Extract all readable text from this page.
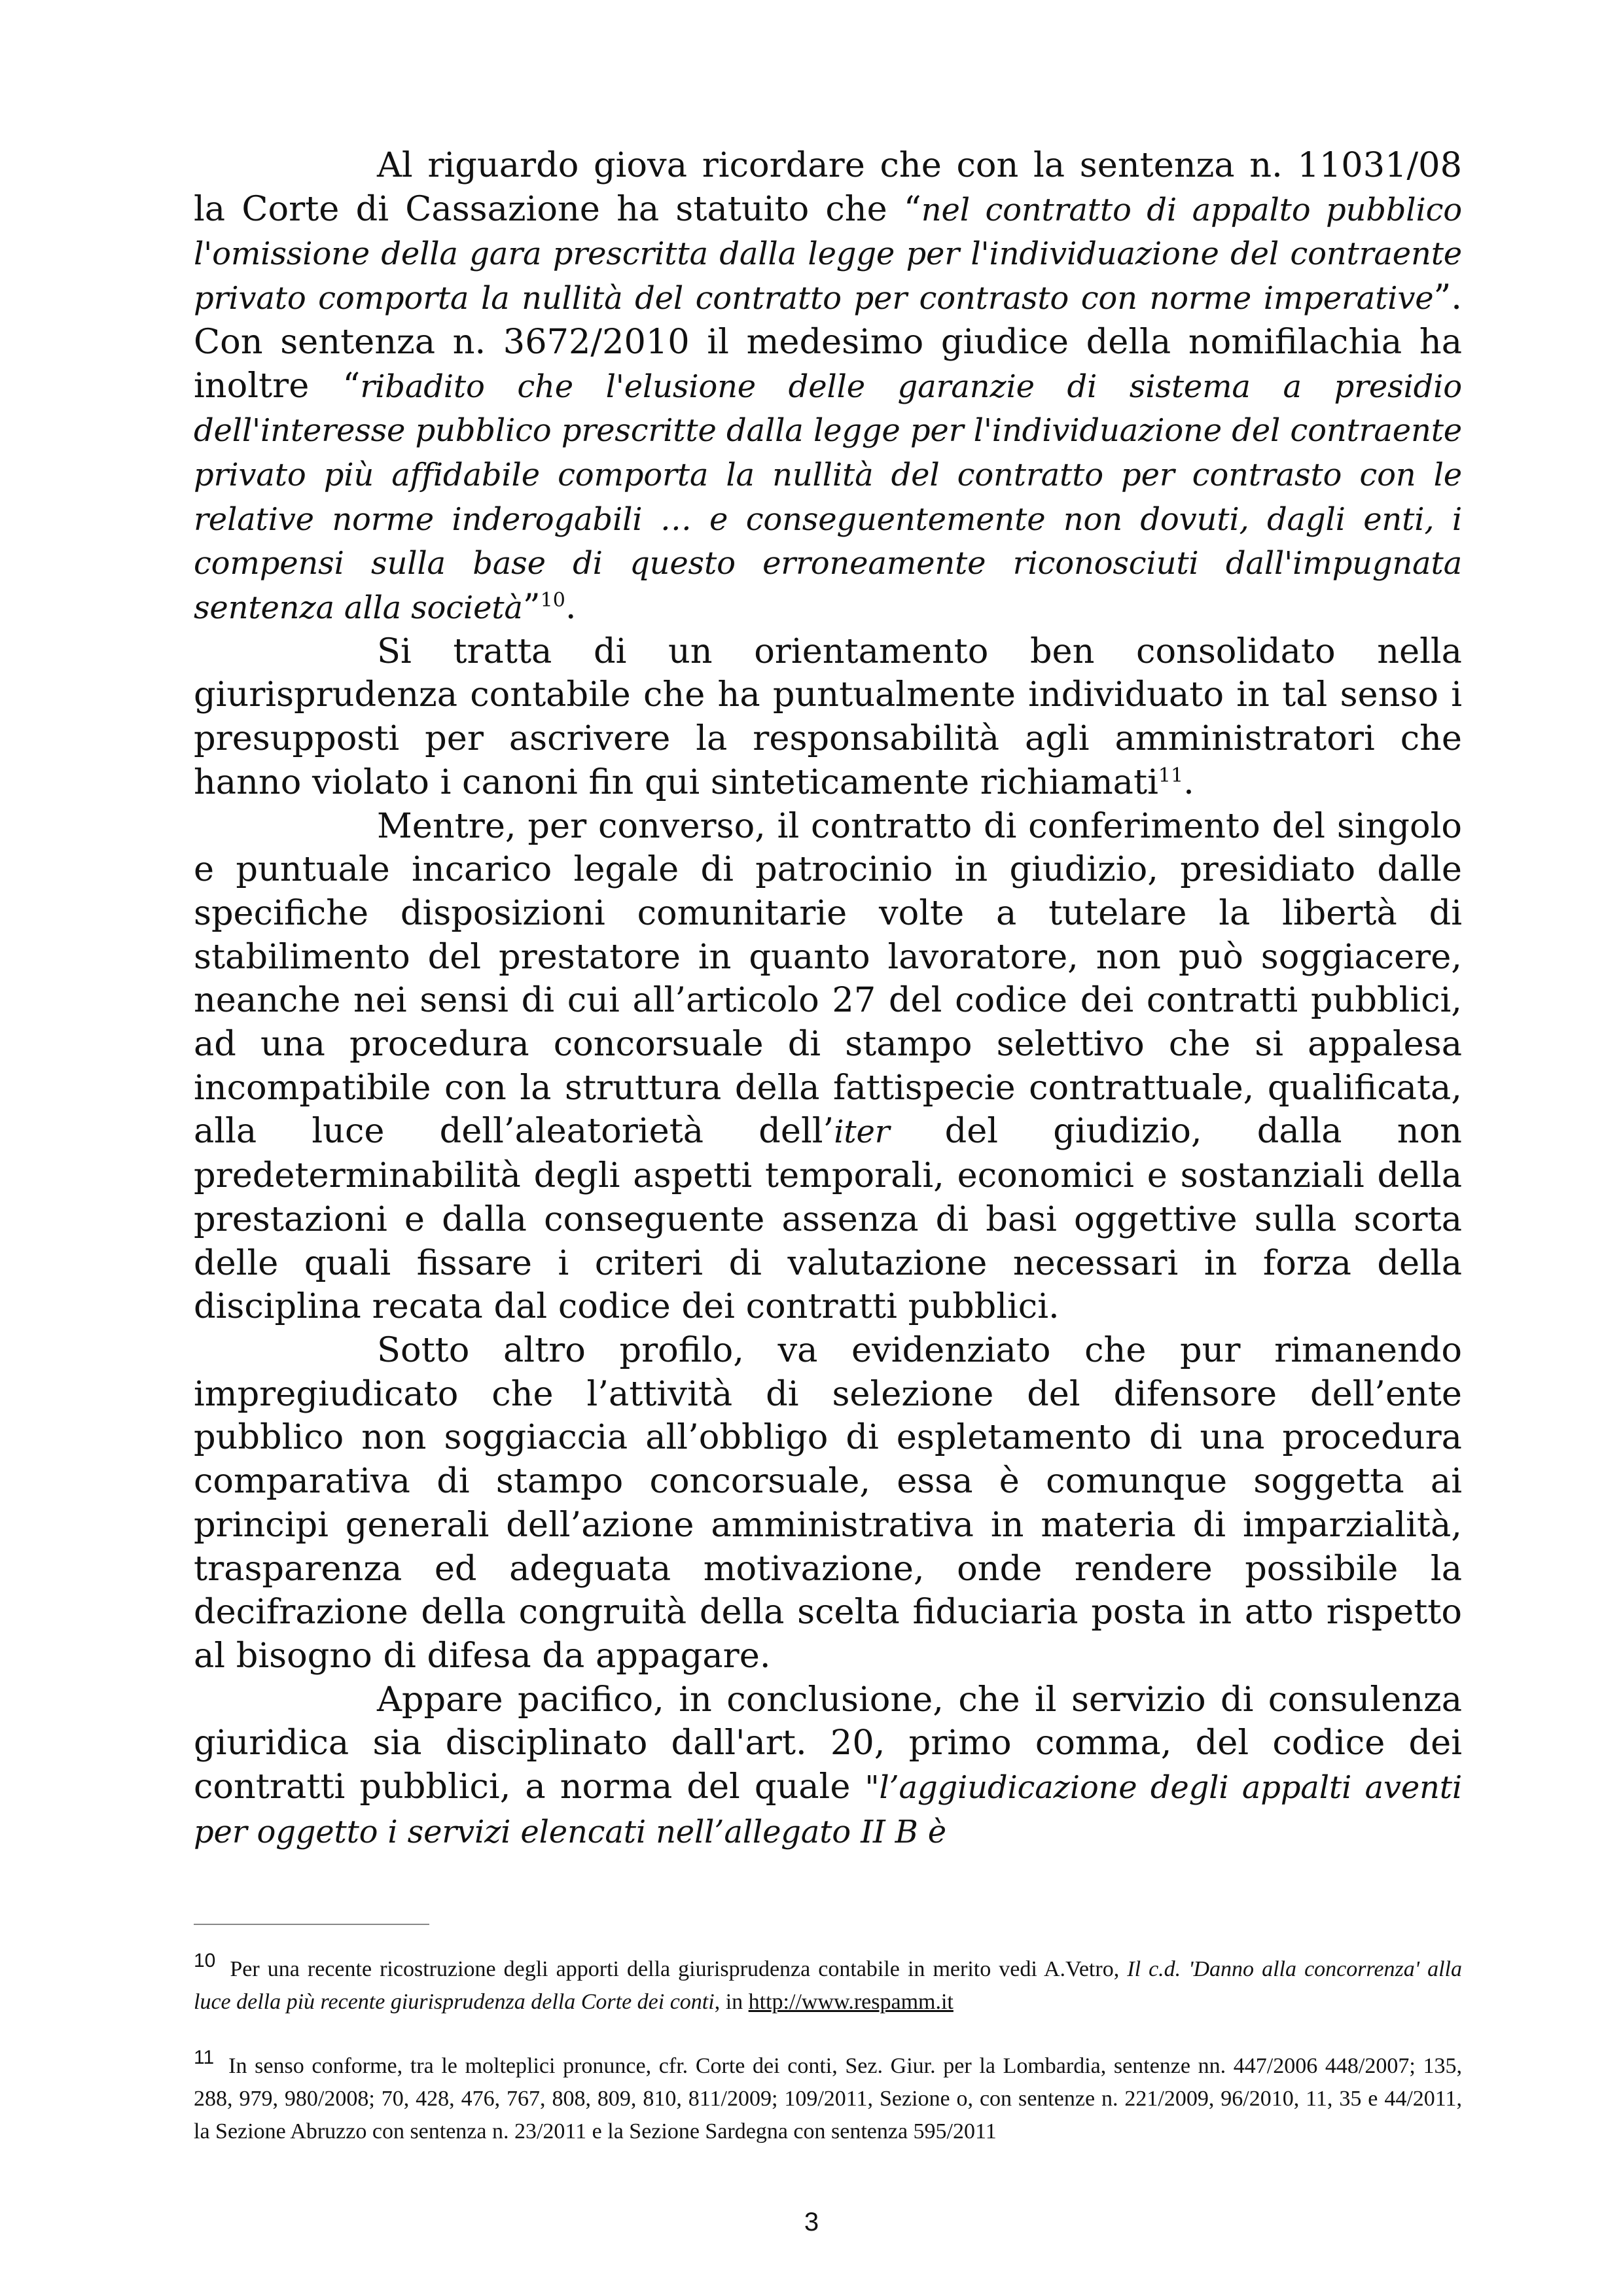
Al riguardo giova ricordare che con la sentenza n. 11031/08 la Corte di Cassazione ha statuito che “nel contratto di appalto pubblico l'omissione della gara prescritta dalla legge per l'individuazione del contraente privato comporta la nullità del contratto per contrasto con norme imperative”. Con sentenza n. 3672/2010 il medesimo giudice della nomifilachia ha inoltre “ribadito che l'elusione delle garanzie di sistema a presidio dell'interesse pubblico prescritte dalla legge per l'individuazione del contraente privato più affidabile comporta la nullità del contratto per contrasto con le relative norme inderogabili … e conseguentemente non dovuti, dagli enti, i compensi sulla base di questo erroneamente riconosciuti dall'impugnata sentenza alla società”$^{10}$.

Si tratta di un orientamento ben consolidato nella giurisprudenza contabile che ha puntualmente individuato in tal senso i presupposti per ascrivere la responsabilità agli amministratori che hanno violato i canoni fin qui sinteticamente richiamati$^{11}$.

Mentre, per converso, il contratto di conferimento del singolo e puntuale incarico legale di patrocinio in giudizio, presidiato dalle specifiche disposizioni comunitarie volte a tutelare la libertà di stabilimento del prestatore in quanto lavoratore, non può soggiacere, neanche nei sensi di cui all’articolo 27 del codice dei contratti pubblici, ad una procedura concorsuale di stampo selettivo che si appalesa incompatibile con la struttura della fattispecie contrattuale, qualificata, alla luce dell’aleatorietà dell’iter del giudizio, dalla non predeterminabilità degli aspetti temporali, economici e sostanziali della prestazioni e dalla conseguente assenza di basi oggettive sulla scorta delle quali fissare i criteri di valutazione necessari in forza della disciplina recata dal codice dei contratti pubblici.

Sotto altro profilo, va evidenziato che pur rimanendo impregiudicato che l’attività di selezione del difensore dell’ente pubblico non soggiaccia all’obbligo di espletamento di una procedura comparativa di stampo concorsuale, essa è comunque soggetta ai principi generali dell’azione amministrativa in materia di imparzialità, trasparenza ed adeguata motivazione, onde rendere possibile la decifrazione della congruità della scelta fiduciaria posta in atto rispetto al bisogno di difesa da appagare.

Appare pacifico, in conclusione, che il servizio di consulenza giuridica sia disciplinato dall'art. 20, primo comma, del codice dei contratti pubblici, a norma del quale "l’aggiudicazione degli appalti aventi per oggetto i servizi elencati nell’allegato II B è

10 Per una recente ricostruzione degli apporti della giurisprudenza contabile in merito vedi A.Vetro, Il c.d. 'Danno alla concorrenza' alla luce della più recente giurisprudenza della Corte dei conti, in http://www.respamm.it

11 In senso conforme, tra le molteplici pronunce, cfr. Corte dei conti, Sez. Giur. per la Lombardia, sentenze nn. 447/2006 448/2007; 135, 288, 979, 980/2008; 70, 428, 476, 767, 808, 809, 810, 811/2009; 109/2011, Sezione o, con sentenze n. 221/2009, 96/2010, 11, 35 e 44/2011, la Sezione Abruzzo con sentenza n. 23/2011 e la Sezione Sardegna con sentenza 595/2011

3
